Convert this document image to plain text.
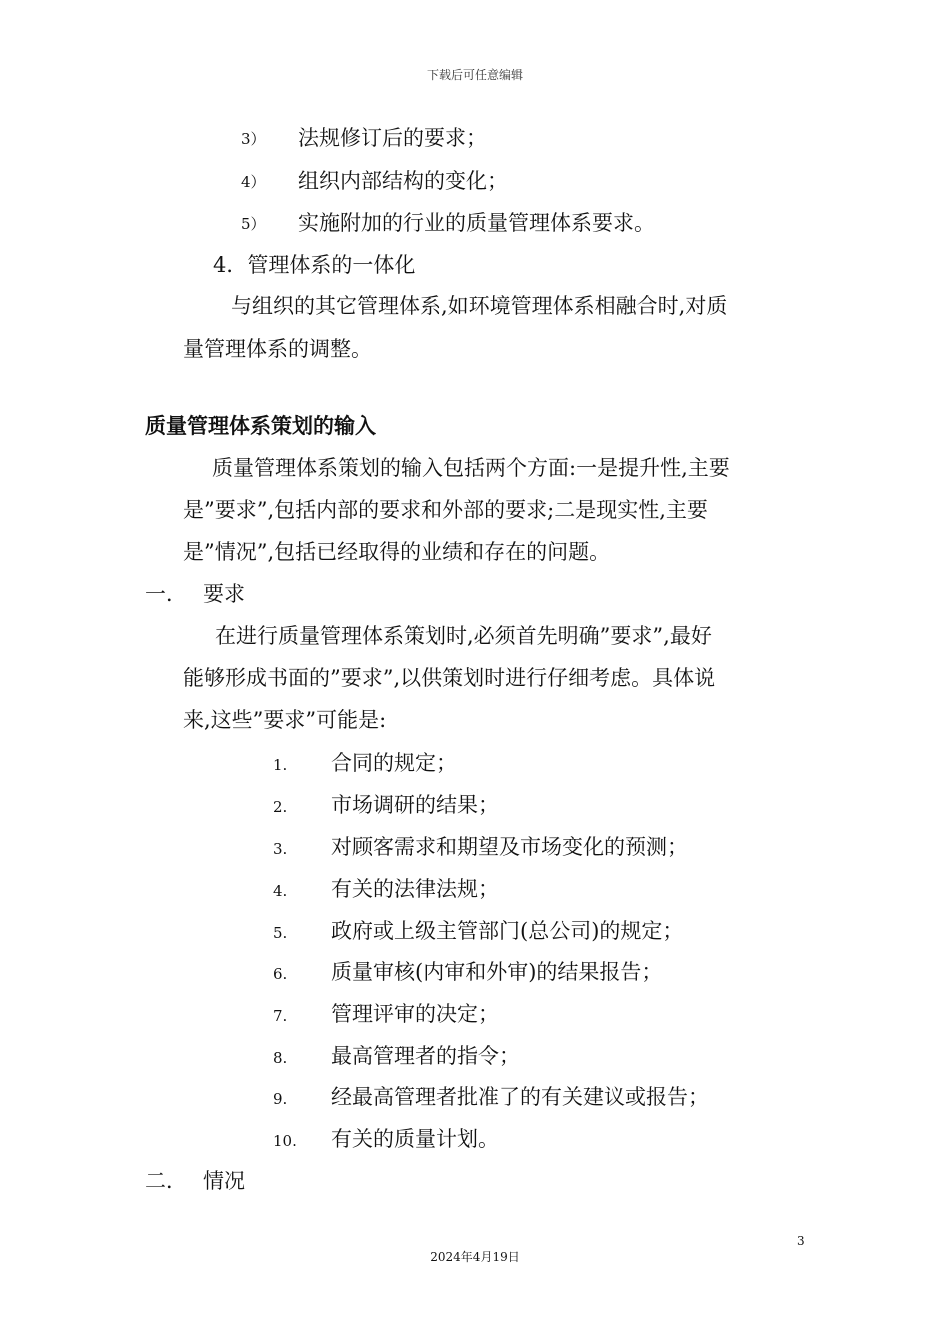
下载后可任意编辑
3） 法规修订后的要求；
4） 组织内部结构的变化；
5） 实施附加的行业的质量管理体系要求。
4．管理体系的一体化
与组织的其它管理体系,如环境管理体系相融合时,对质
量管理体系的调整。
质量管理体系策划的输入
质量管理体系策划的输入包括两个方面:一是提升性,主要
是”要求”,包括内部的要求和外部的要求;二是现实性,主要
是”情况”,包括已经取得的业绩和存在的问题。
一． 要求
在进行质量管理体系策划时,必须首先明确”要求”,最好
能够形成书面的”要求”,以供策划时进行仔细考虑。具体说
来,这些”要求”可能是:
1. 合同的规定；
2. 市场调研的结果；
3. 对顾客需求和期望及市场变化的预测；
4. 有关的法律法规；
5. 政府或上级主管部门(总公司)的规定；
6. 质量审核(内审和外审)的结果报告；
7. 管理评审的决定；
8. 最高管理者的指令；
9. 经最高管理者批准了的有关建议或报告；
10. 有关的质量计划。
二． 情况
3
2024年4月19日
